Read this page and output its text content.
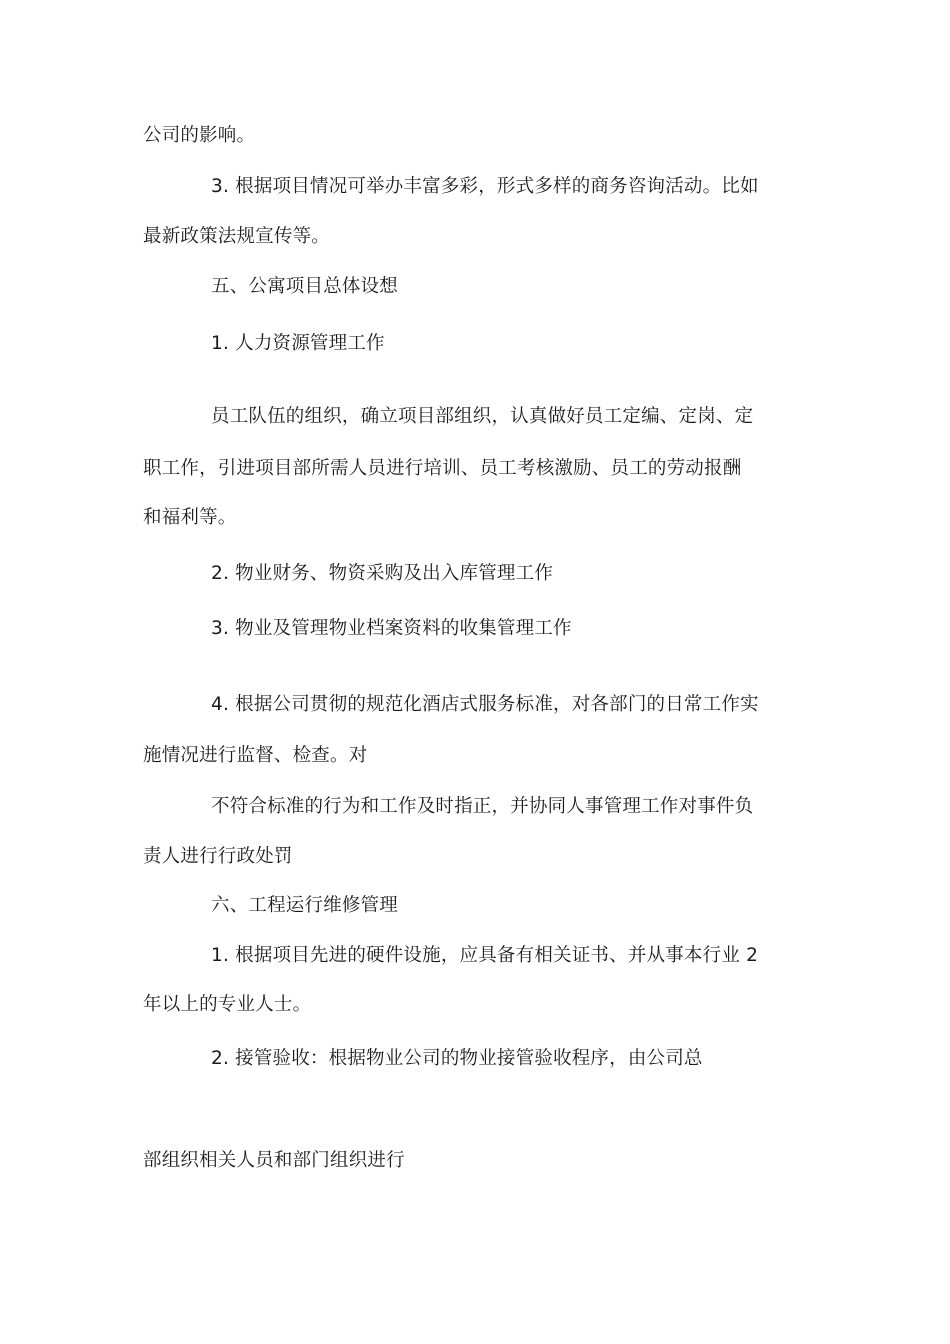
公司的影响。
3. 根据项目情况可举办丰富多彩，形式多样的商务咨询活动。比如
最新政策法规宣传等。
五、公寓项目总体设想
1. 人力资源管理工作
员工队伍的组织，确立项目部组织，认真做好员工定编、定岗、定
职工作，引进项目部所需人员进行培训、员工考核激励、员工的劳动报酬
和福利等。
2. 物业财务、物资采购及出入库管理工作
3. 物业及管理物业档案资料的收集管理工作
4. 根据公司贯彻的规范化酒店式服务标准，对各部门的日常工作实
施情况进行监督、检查。对
不符合标准的行为和工作及时指正，并协同人事管理工作对事件负
责人进行行政处罚
六、工程运行维修管理
1. 根据项目先进的硬件设施，应具备有相关证书、并从事本行业 2
年以上的专业人士。
2. 接管验收：根据物业公司的物业接管验收程序，由公司总
部组织相关人员和部门组织进行
